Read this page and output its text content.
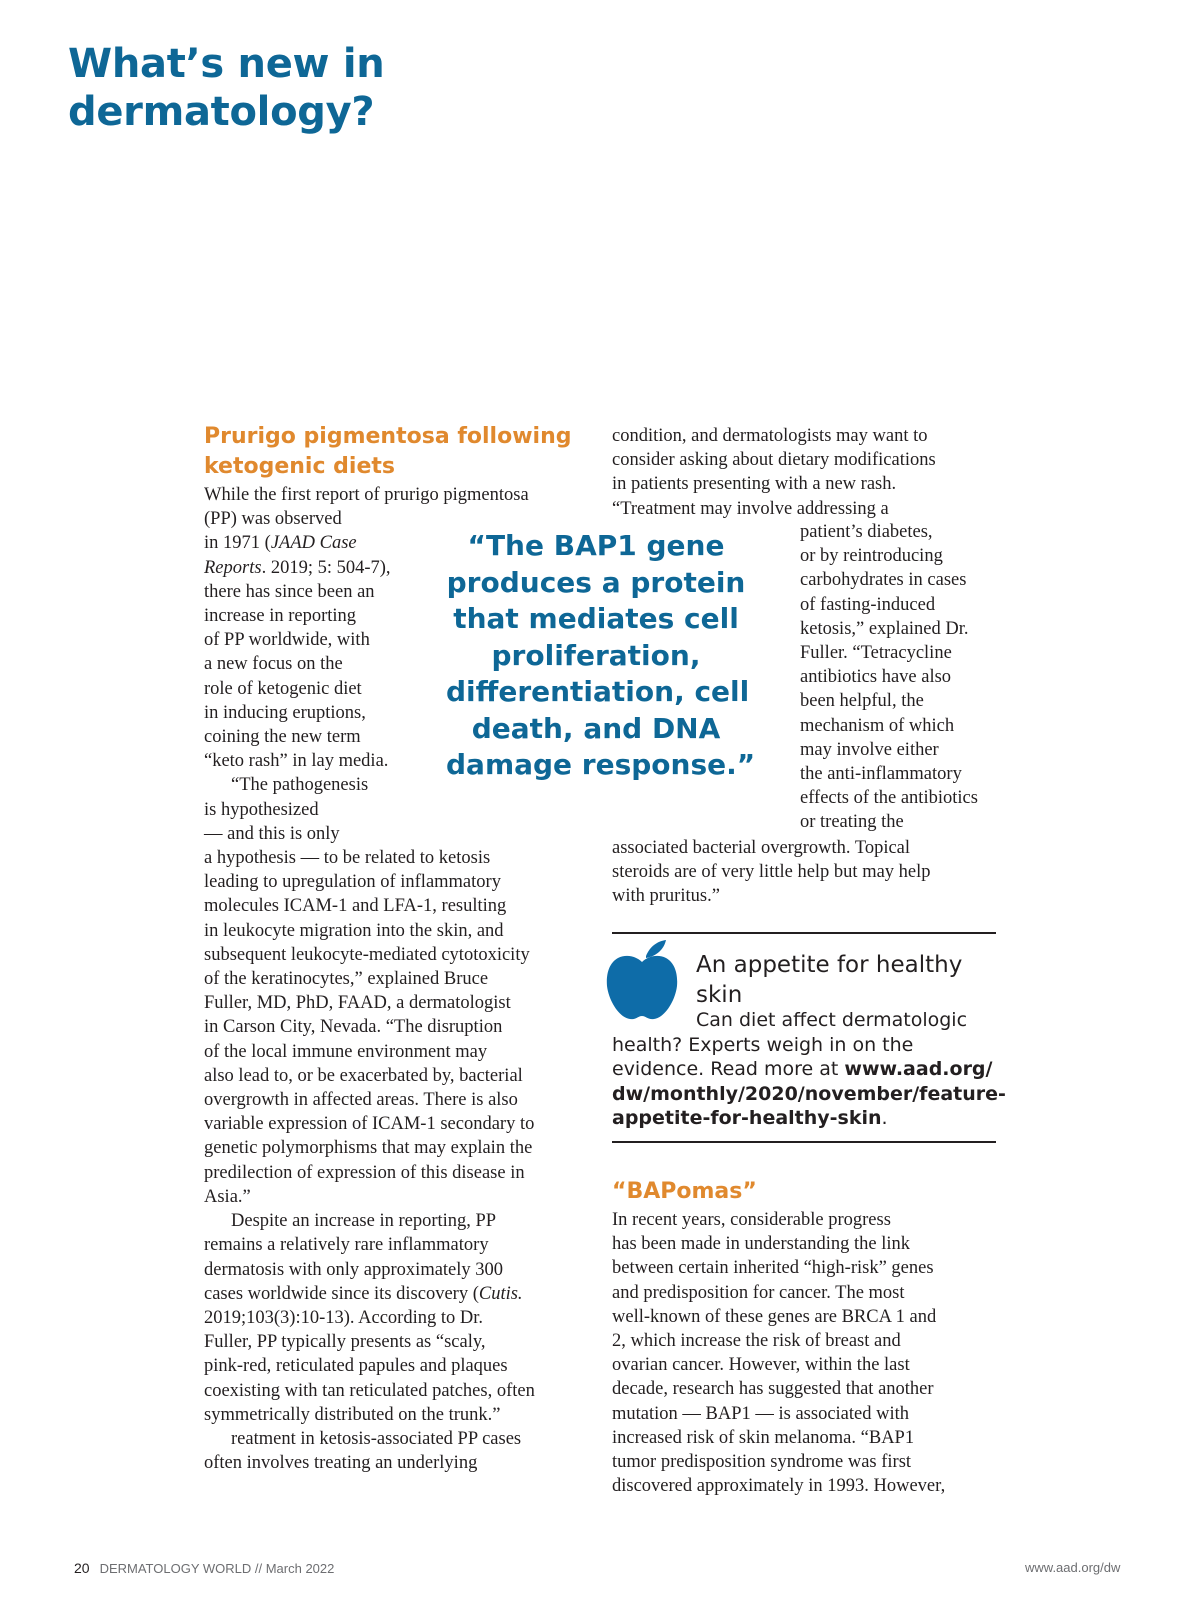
What’s new in
dermatology?
Prurigo pigmentosa following
ketogenic diets
While the first report of prurigo pigmentosa
(PP) was observed
in 1971 (JAAD Case
Reports. 2019; 5: 504-7),
there has since been an
increase in reporting
of PP worldwide, with
a new focus on the
role of ketogenic diet
in inducing eruptions,
coining the new term
“keto rash” in lay media.
“The pathogenesis
is hypothesized
— and this is only
a hypothesis — to be related to ketosis
leading to upregulation of inflammatory
molecules ICAM-1 and LFA-1, resulting
in leukocyte migration into the skin, and
subsequent leukocyte-mediated cytotoxicity
of the keratinocytes,” explained Bruce
Fuller, MD, PhD, FAAD, a dermatologist
in Carson City, Nevada. “The disruption
of the local immune environment may
also lead to, or be exacerbated by, bacterial
overgrowth in affected areas. There is also
variable expression of ICAM-1 secondary to
genetic polymorphisms that may explain the
predilection of expression of this disease in
Asia.”
Despite an increase in reporting, PP
remains a relatively rare inflammatory
dermatosis with only approximately 300
cases worldwide since its discovery (Cutis.
2019;103(3):10-13). According to Dr.
Fuller, PP typically presents as “scaly,
pink-red, reticulated papules and plaques
coexisting with tan reticulated patches, often
symmetrically distributed on the trunk.”
reatment in ketosis-associated PP cases
often involves treating an underlying
condition, and dermatologists may want to
consider asking about dietary modifications
in patients presenting with a new rash.
“Treatment may involve addressing a
patient’s diabetes,
or by reintroducing
carbohydrates in cases
of fasting-induced
ketosis,” explained Dr.
Fuller. “Tetracycline
antibiotics have also
been helpful, the
mechanism of which
may involve either
the anti-inflammatory
effects of the antibiotics
or treating the
associated bacterial overgrowth. Topical
steroids are of very little help but may help
with pruritus.”
“The BAP1 gene
produces a protein
that mediates cell
proliferation,
differentiation, cell
death, and DNA
damage response.”
An appetite for healthy
skin
Can diet affect dermatologic
health? Experts weigh in on the
evidence. Read more at www.aad.org/
dw/monthly/2020/november/feature-
appetite-for-healthy-skin.
“BAPomas”
In recent years, considerable progress
has been made in understanding the link
between certain inherited “high-risk” genes
and predisposition for cancer. The most
well-known of these genes are BRCA 1 and
2, which increase the risk of breast and
ovarian cancer. However, within the last
decade, research has suggested that another
mutation — BAP1 — is associated with
increased risk of skin melanoma. “BAP1
tumor predisposition syndrome was first
discovered approximately in 1993. However,
20 DERMATOLOGY WORLD // March 2022	www.aad.org/dw
